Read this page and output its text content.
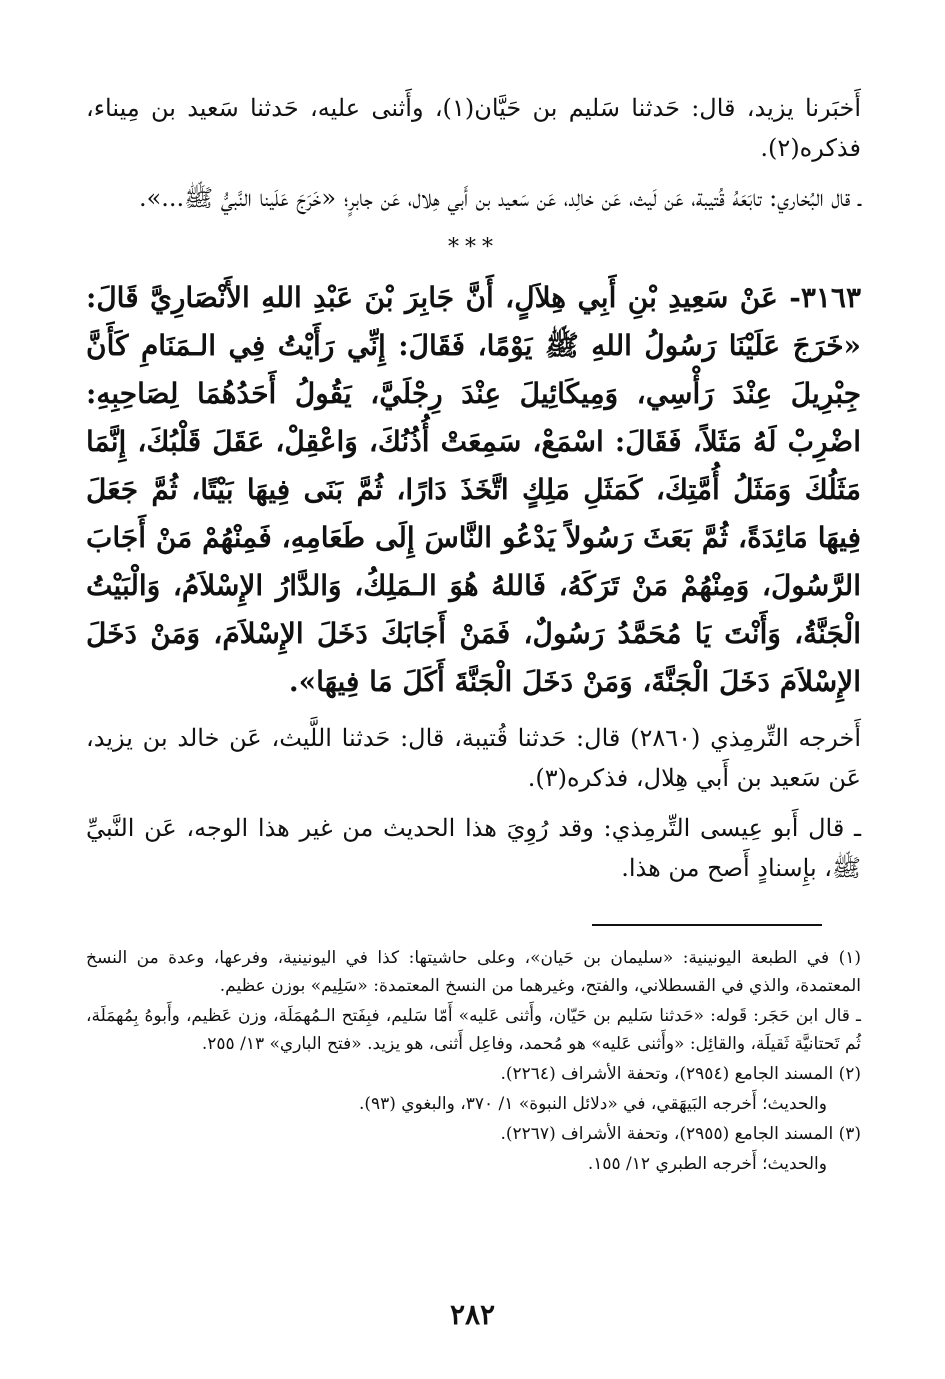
أَخبَرنا يزيد، قال: حَدثنا سَليم بن حَيَّان(١)، وأَثنى عليه، حَدثنا سَعيد بن مِيناء، فذكره(٢).

ـ قال البُخاري: تابَعَهُ قُتيبة، عَن لَيث، عَن خالِد، عَن سَعيد بن أَبي هِلال، عَن جابرٍ؛ «خَرَجَ عَلَينا النَّبيُّ ﷺ...».

***

٣١٦٣- عَنْ سَعِيدِ بْنِ أَبِي هِلاَلٍ، أَنَّ جَابِرَ بْنَ عَبْدِ اللهِ الأَنْصَارِيَّ قَالَ: «خَرَجَ عَلَيْنَا رَسُولُ اللهِ ﷺ يَوْمًا، فَقَالَ: إِنِّي رَأَيْتُ فِي الـمَنَامِ كَأَنَّ جِبْرِيلَ عِنْدَ رَأْسِي، وَمِيكَائِيلَ عِنْدَ رِجْلَيَّ، يَقُولُ أَحَدُهُمَا لِصَاحِبِهِ: اضْرِبْ لَهُ مَثَلاً، فَقَالَ: اسْمَعْ، سَمِعَتْ أُذُنُكَ، وَاعْقِلْ، عَقَلَ قَلْبُكَ، إِنَّمَا مَثَلُكَ وَمَثَلُ أُمَّتِكَ، كَمَثَلِ مَلِكٍ اتَّخَذَ دَارًا، ثُمَّ بَنَى فِيهَا بَيْتًا، ثُمَّ جَعَلَ فِيهَا مَائِدَةً، ثُمَّ بَعَثَ رَسُولاً يَدْعُو النَّاسَ إِلَى طَعَامِهِ، فَمِنْهُمْ مَنْ أَجَابَ الرَّسُولَ، وَمِنْهُمْ مَنْ تَرَكَهُ، فَاللهُ هُوَ الـمَلِكُ، وَالدَّارُ الإِسْلاَمُ، وَالْبَيْتُ الْجَنَّةُ، وَأَنْتَ يَا مُحَمَّدُ رَسُولٌ، فَمَنْ أَجَابَكَ دَخَلَ الإِسْلاَمَ، وَمَنْ دَخَلَ الإِسْلاَمَ دَخَلَ الْجَنَّةَ، وَمَنْ دَخَلَ الْجَنَّةَ أَكَلَ مَا فِيهَا».

أَخرجه التِّرمِذي (٢٨٦٠) قال: حَدثنا قُتيبة، قال: حَدثنا اللَّيث، عَن خالد بن يزيد، عَن سَعيد بن أَبي هِلال، فذكره(٣).

ـ قال أَبو عِيسى التِّرمِذي: وقد رُوِيَ هذا الحديث من غير هذا الوجه، عَن النَّبيِّ ﷺ، بإِسنادٍ أَصح من هذا.

(١) في الطبعة اليونينية: «سليمان بن حَيان»، وعلى حاشيتها: كذا في اليونينية، وفرعها، وعدة من النسخ المعتمدة، والذي في القسطلاني، والفتح، وغيرهما من النسخ المعتمدة: «سَلِيم» بوزن عظيم.

ـ قال ابن حَجَر: قَوله: «حَدثنا سَليم بن حَيّان، وأَثنى عَليه» أَمّا سَليم، فبِفَتح الـمُهمَلَة، وزن عَظيم، وأَبوهُ بِمُهمَلَة، ثُم تَحتانيَّة ثَقيلَة، والقائِل: «وأَثنى عَليه» هو مُحمد، وفاعِل أَثنى، هو يزيد. «فتح الباري» ١٣/ ٢٥٥.

(٢) المسند الجامع (٢٩٥٤)، وتحفة الأشراف (٢٢٦٤).

والحديث؛ أَخرجه البَيهَقي، في «دلائل النبوة» ١/ ٣٧٠، والبغوي (٩٣).

(٣) المسند الجامع (٢٩٥٥)، وتحفة الأشراف (٢٢٦٧).

والحديث؛ أَخرجه الطبري ١٢/ ١٥٥.

٢٨٢
